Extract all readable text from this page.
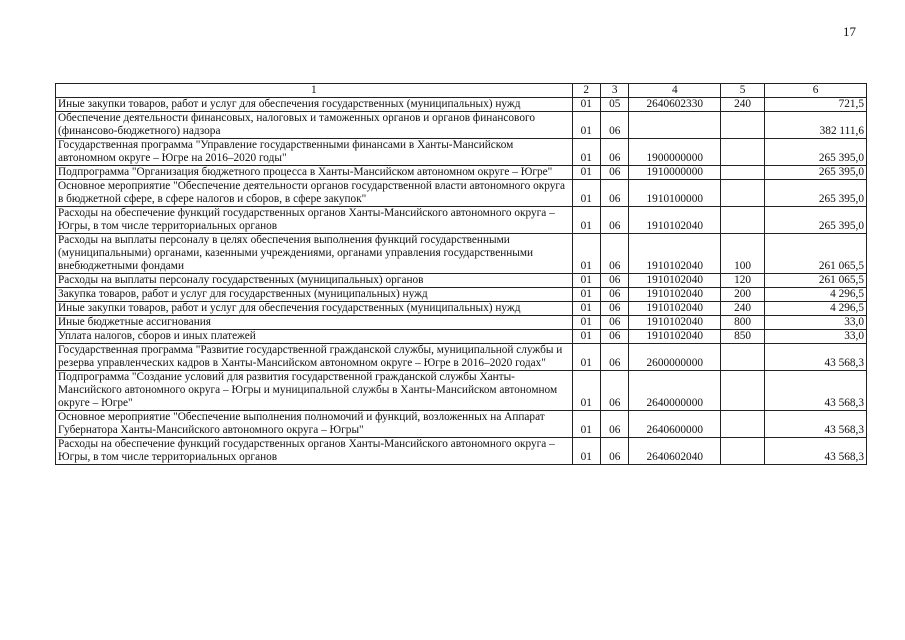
17
1	2	3	4	5	6
Иные закупки товаров, работ и услуг для обеспечения государственных (муниципальных) нужд	01	05	2640602330	240	721,5
Обеспечение деятельности финансовых, налоговых и таможенных органов и органов финансового (финансово-бюджетного) надзора	01	06			382 111,6
Государственная программа "Управление государственными финансами в Ханты-Мансийском автономном округе – Югре на 2016–2020 годы"	01	06	1900000000		265 395,0
Подпрограмма "Организация бюджетного процесса в Ханты-Мансийском автономном округе – Югре"	01	06	1910000000		265 395,0
Основное мероприятие "Обеспечение деятельности органов государственной власти автономного округа в бюджетной сфере, в сфере налогов и сборов, в сфере закупок"	01	06	1910100000		265 395,0
Расходы на обеспечение функций государственных органов Ханты-Мансийского автономного округа – Югры, в том числе территориальных органов	01	06	1910102040		265 395,0
Расходы на выплаты персоналу в целях обеспечения выполнения функций государственными (муниципальными) органами, казенными учреждениями, органами управления государственными внебюджетными фондами	01	06	1910102040	100	261 065,5
Расходы на выплаты персоналу государственных (муниципальных) органов	01	06	1910102040	120	261 065,5
Закупка товаров, работ и услуг для государственных (муниципальных) нужд	01	06	1910102040	200	4 296,5
Иные закупки товаров, работ и услуг для обеспечения государственных (муниципальных) нужд	01	06	1910102040	240	4 296,5
Иные бюджетные ассигнования	01	06	1910102040	800	33,0
Уплата налогов, сборов и иных платежей	01	06	1910102040	850	33,0
Государственная программа "Развитие государственной гражданской службы, муниципальной службы и резерва управленческих кадров в Ханты-Мансийском автономном округе – Югре в 2016–2020 годах"	01	06	2600000000		43 568,3
Подпрограмма "Создание условий для развития государственной гражданской службы Ханты-Мансийского автономного округа – Югры и муниципальной службы в Ханты-Мансийском автономном округе – Югре"	01	06	2640000000		43 568,3
Основное мероприятие "Обеспечение выполнения полномочий и функций, возложенных на Аппарат Губернатора Ханты-Мансийского автономного округа – Югры"	01	06	2640600000		43 568,3
Расходы на обеспечение функций государственных органов Ханты-Мансийского автономного округа – Югры, в том числе территориальных органов	01	06	2640602040		43 568,3
